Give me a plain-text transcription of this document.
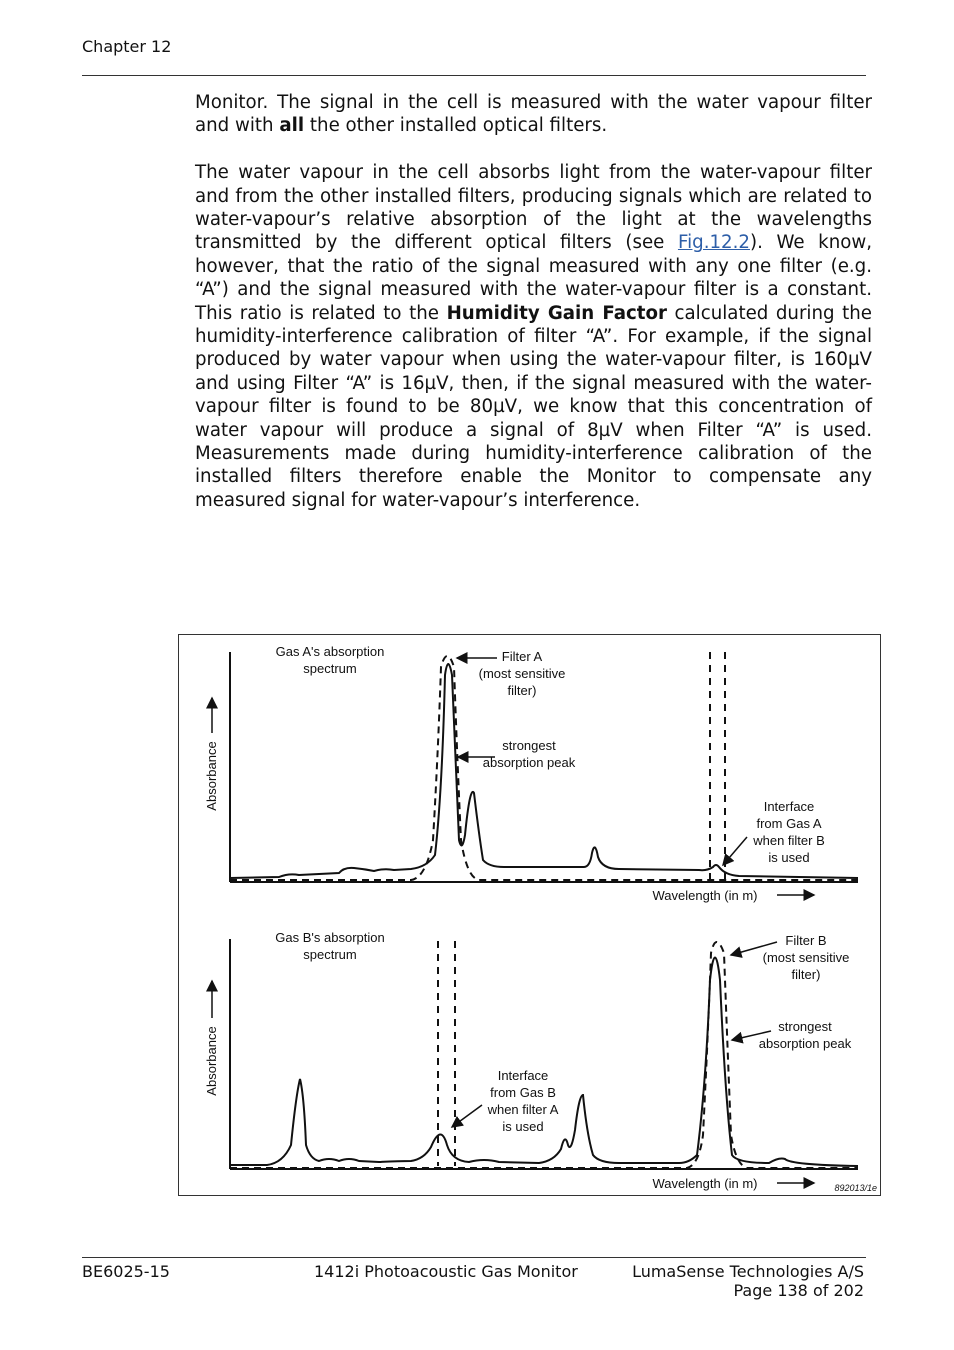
Chapter 12

Monitor. The signal in the cell is measured with the water vapour filter and with all the other installed optical filters.

The water vapour in the cell absorbs light from the water-vapour filter and from the other installed filters, producing signals which are related to water-vapour’s relative absorption of the light at the wavelengths transmitted by the different optical filters (see Fig.12.2). We know, however, that the ratio of the signal measured with any one filter (e.g. “A”) and the signal measured with the water-vapour filter is a constant. This ratio is related to the Humidity Gain Factor calculated during the humidity-interference calibration of filter “A”. For example, if the signal produced by water vapour when using the water-vapour filter, is 160µV and using Filter “A” is 16µV, then, if the signal measured with the water-vapour filter is found to be 80µV, we know that this concentration of water vapour will produce a signal of 8µV when Filter “A” is used. Measurements made during humidity-interference calibration of the installed filters therefore enable the Monitor to compensate any measured signal for water-vapour’s interference.

Gas A's absorption
spectrum
Absorbance
Filter A
(most sensitive
filter)
strongest
absorption peak
Interface
from Gas A
when filter B
is used
Wavelength (in m)
Gas B's absorption
spectrum
Absorbance
Filter B
(most sensitive
filter)
strongest
absorption peak
Interface
from Gas B
when filter A
is used
Wavelength (in m)	892013/1e
BE6025-15	1412i Photoacoustic Gas Monitor	LumaSense Technologies A/S
Page 138 of 202
